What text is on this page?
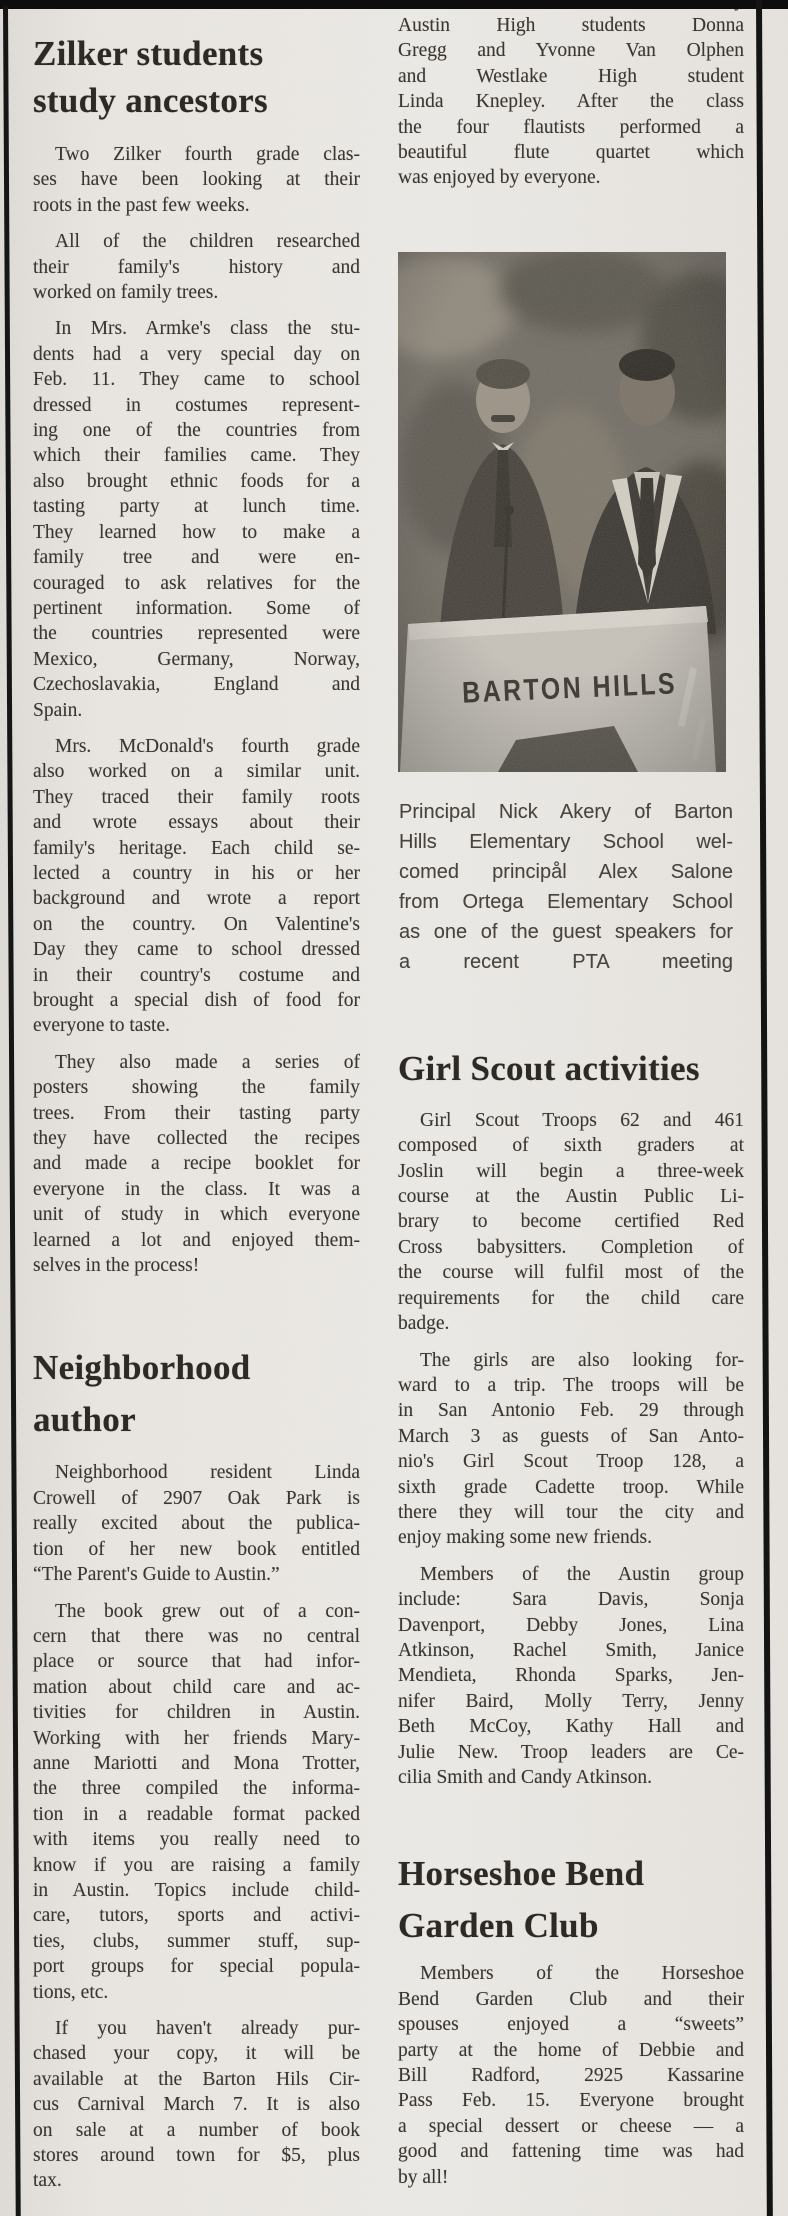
Zilker students
study ancestors
Two Zilker fourth grade clas-
ses have been looking at their
roots in the past few weeks.
All of the children researched
their family's history and
worked on family trees.
In Mrs. Armke's class the stu-
dents had a very special day on
Feb. 11. They came to school
dressed in costumes represent-
ing one of the countries from
which their families came. They
also brought ethnic foods for a
tasting party at lunch time.
They learned how to make a
family tree and were en-
couraged to ask relatives for the
pertinent information. Some of
the countries represented were
Mexico, Germany, Norway,
Czechoslavakia, England and
Spain.
Mrs. McDonald's fourth grade
also worked on a similar unit.
They traced their family roots
and wrote essays about their
family's heritage. Each child se-
lected a country in his or her
background and wrote a report
on the country. On Valentine's
Day they came to school dressed
in their country's costume and
brought a special dish of food for
everyone to taste.
They also made a series of
posters showing the family
trees. From their tasting party
they have collected the recipes
and made a recipe booklet for
everyone in the class. It was a
unit of study in which everyone
learned a lot and enjoyed them-
selves in the process!
Neighborhood
author
Neighborhood resident Linda
Crowell of 2907 Oak Park is
really excited about the publica-
tion of her new book entitled
“The Parent's Guide to Austin.”
The book grew out of a con-
cern that there was no central
place or source that had infor-
mation about child care and ac-
tivities for children in Austin.
Working with her friends Mary-
anne Mariotti and Mona Trotter,
the three compiled the informa-
tion in a readable format packed
with items you really need to
know if you are raising a family
in Austin. Topics include child-
care, tutors, sports and activi-
ties, clubs, summer stuff, sup-
port groups for special popula-
tions, etc.
If you haven't already pur-
chased your copy, it will be
available at the Barton Hils Cir-
cus Carnival March 7. It is also
on sale at a number of book
stores around town for $5, plus
tax.
Austin High students Donna
Gregg and Yvonne Van Olphen
and Westlake High student
Linda Knepley. After the class
the four flautists performed a
beautiful flute quartet which
was enjoyed by everyone.
Principal Nick Akery of Barton
Hills Elementary School wel-
comed principål Alex Salone
from Ortega Elementary School
as one of the guest speakers for
a recent PTA meeting
Girl Scout activities
Girl Scout Troops 62 and 461
composed of sixth graders at
Joslin will begin a three-week
course at the Austin Public Li-
brary to become certified Red
Cross babysitters. Completion of
the course will fulfil most of the
requirements for the child care
badge.
The girls are also looking for-
ward to a trip. The troops will be
in San Antonio Feb. 29 through
March 3 as guests of San Anto-
nio's Girl Scout Troop 128, a
sixth grade Cadette troop. While
there they will tour the city and
enjoy making some new friends.
Members of the Austin group
include: Sara Davis, Sonja
Davenport, Debby Jones, Lina
Atkinson, Rachel Smith, Janice
Mendieta, Rhonda Sparks, Jen-
nifer Baird, Molly Terry, Jenny
Beth McCoy, Kathy Hall and
Julie New. Troop leaders are Ce-
cilia Smith and Candy Atkinson.
Horseshoe Bend
Garden Club
Members of the Horseshoe
Bend Garden Club and their
spouses enjoyed a “sweets”
party at the home of Debbie and
Bill Radford, 2925 Kassarine
Pass Feb. 15. Everyone brought
a special dessert or cheese — a
good and fattening time was had
by all!
